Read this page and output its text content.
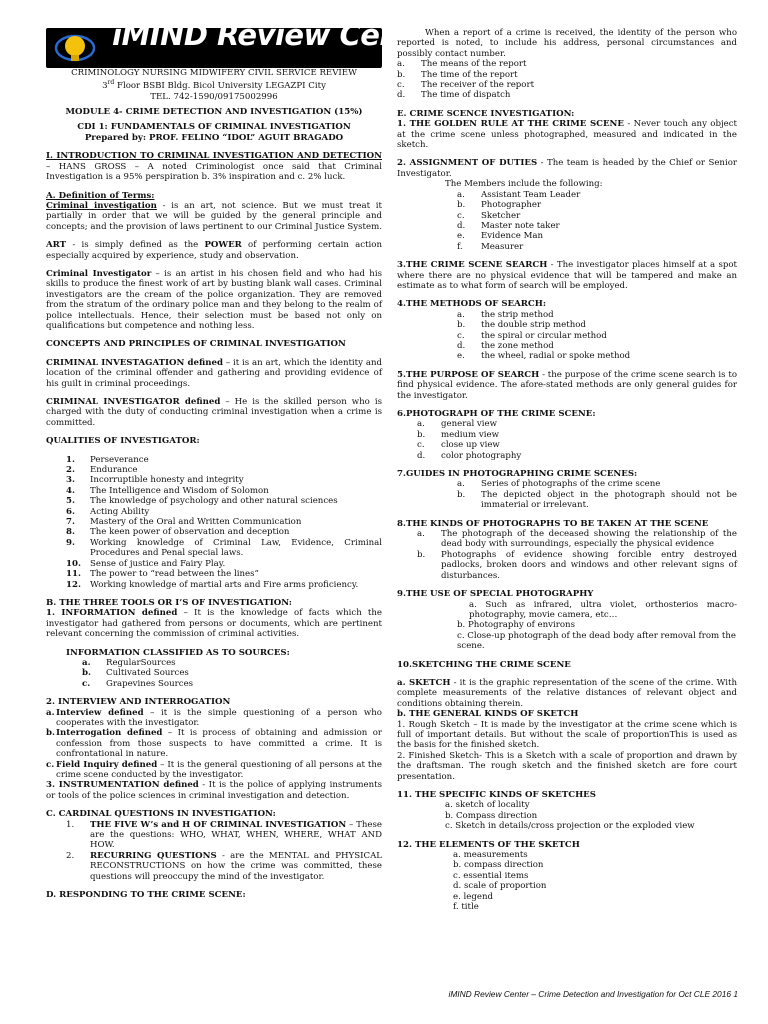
iMIND Review Center
CRIMINOLOGY NURSING MIDWIFERY CIVIL SERVICE REVIEW
3rd Floor BSBI Bldg. Bicol University LEGAZPI City
TEL. 742-1590/09175002996
MODULE 4- CRIME DETECTION AND INVESTIGATION (15%)
CDI 1: FUNDAMENTALS OF CRIMINAL INVESTIGATION
Prepared by: PROF. FELINO “IDOL” AGUIT BRAGADO

I. INTRODUCTION TO CRIMINAL INVESTIGATION AND DETECTION – HANS GROSS – A noted Criminologist once said that Criminal Investigation is a 95% perspiration b. 3% inspiration and c. 2% luck.

A. Definition of Terms:

Criminal investigation - is an art, not science. But we must treat it partially in order that we will be guided by the general principle and concepts; and the provision of laws pertinent to our Criminal Justice System.

ART - is simply defined as the POWER of performing certain action especially acquired by experience, study and observation.

Criminal Investigator – is an artist in his chosen field and who had his skills to produce the finest work of art by busting blank wall cases. Criminal investigators are the cream of the police organization. They are removed from the stratum of the ordinary police man and they belong to the realm of police intellectuals. Hence, their selection must be based not only on qualifications but competence and nothing less.

CONCEPTS AND PRINCIPLES OF CRIMINAL INVESTIGATION

CRIMINAL INVESTAGATION defined – it is an art, which the identity and location of the criminal offender and gathering and providing evidence of his guilt in criminal proceedings.

CRIMINAL INVESTIGATOR defined – He is the skilled person who is charged with the duty of conducting criminal investigation when a crime is committed.

QUALITIES OF INVESTIGATOR:
1.	Perseverance
2.	Endurance
3.	Incorruptible honesty and integrity
4.	The Intelligence and Wisdom of Solomon
5.	The knowledge of psychology and other natural sciences
6.	Acting Ability
7.	Mastery of the Oral and Written Communication
8.	The keen power of observation and deception
9.	Working knowledge of Criminal Law, Evidence, Criminal Procedures and Penal special laws.
10.	Sense of justice and Fairy Play.
11.	The power to “read between the lines”
12.	Working knowledge of martial arts and Fire arms proficiency.
B. THE THREE TOOLS OR I’S OF INVESTIGATION:

1. INFORMATION defined – It is the knowledge of facts which the investigator had gathered from persons or documents, which are pertinent relevant concerning the commission of criminal activities.

INFORMATION CLASSIFIED AS TO SOURCES:
a.	RegularSources
b.	Cultivated Sources
c.	Grapevines Sources
2. INTERVIEW AND INTERROGATION
a. Interview defined – it is the simple questioning of a person who cooperates with the investigator.
b. Interrogation defined – It is process of obtaining and admission or confession from those suspects to have committed a crime. It is confrontational in nature.
c. Field Inquiry defined – It is the general questioning of all persons at the crime scene conducted by the investigator.

3. INSTRUMENTATION defined - It is the police of applying instruments or tools of the police sciences in criminal investigation and detection.

C. CARDINAL QUESTIONS IN INVESTIGATION:
1.	THE FIVE W’s and H OF CRIMINAL INVESTIGATION – These are the questions: WHO, WHAT, WHEN, WHERE, WHAT AND HOW.
2.	RECURRING QUESTIONS - are the MENTAL and PHYSICAL RECONSTRUCTIONS on how the crime was committed, these questions will preoccupy the mind of the investigator.
D. RESPONDING TO THE CRIME SCENE:

When a report of a crime is received, the identity of the person who reported is noted, to include his address, personal circumstances and possibly contact number.

a.	The means of the report
b.	The time of the report
c.	The receiver of the report
d.	The time of dispatch
E. CRIME SCENCE INVESTIGATION:

1. THE GOLDEN RULE AT THE CRIME SCENE - Never touch any object at the crime scene unless photographed, measured and indicated in the sketch.

2. ASSIGNMENT OF DUTIES - The team is headed by the Chief or Senior Investigator.

The Members include the following:
a.	Assistant Team Leader
b.	Photographer
c.	Sketcher
d.	Master note taker
e.	Evidence Man
f.	Measurer

3.THE CRIME SCENE SEARCH - The investigator places himself at a spot where there are no physical evidence that will be tampered and make an estimate as to what form of search will be employed.

4.THE METHODS OF SEARCH:
a.	the strip method
b.	the double strip method
c.	the spiral or circular method
d.	the zone method
e.	the wheel, radial or spoke method

5.THE PURPOSE OF SEARCH - the purpose of the crime scene search is to find physical evidence. The afore-stated methods are only general guides for the investigator.

6.PHOTOGRAPH OF THE CRIME SCENE:
a.	general view
b.	medium view
c.	close up view
d.	color photography
7.GUIDES IN PHOTOGRAPHING CRIME SCENES:
a.	Series of photographs of the crime scene
b.	The depicted object in the photograph should not be immaterial or irrelevant.
8.THE KINDS OF PHOTOGRAPHS TO BE TAKEN AT THE SCENE
a.	The photograph of the deceased showing the relationship of the dead body with surroundings, especially the physical evidence
b.	Photographs of evidence showing forcible entry destroyed padlocks, broken doors and windows and other relevant signs of disturbances.
9.THE USE OF SPECIAL PHOTOGRAPHY
a. Such as infrared, ultra violet, orthosterios macro-photography, movie camera, etc…
b. Photography of environs
c. Close-up photograph of the dead body after removal from the scene.
10.SKETCHING THE CRIME SCENE

a. SKETCH - it is the graphic representation of the scene of the crime. With complete measurements of the relative distances of relevant object and conditions obtaining therein.

b. THE GENERAL KINDS OF SKETCH

1. Rough Sketch – It is made by the investigator at the crime scene which is full of important details. But without the scale of proportionThis is used as the basis for the finished sketch.

2. Finished Sketch- This is a Sketch with a scale of proportion and drawn by the draftsman. The rough sketch and the finished sketch are fore court presentation.

11. THE SPECIFIC KINDS OF SKETCHES
a. sketch of locality
b. Compass direction
c. Sketch in details/cross projection or the exploded view
12. THE ELEMENTS OF THE SKETCH
a. measurements
b. compass direction
c. essential items
d. scale of proportion
e. legend
f. title
iMIND Review Center – Crime Detection and Investigation for Oct CLE 2016 1
